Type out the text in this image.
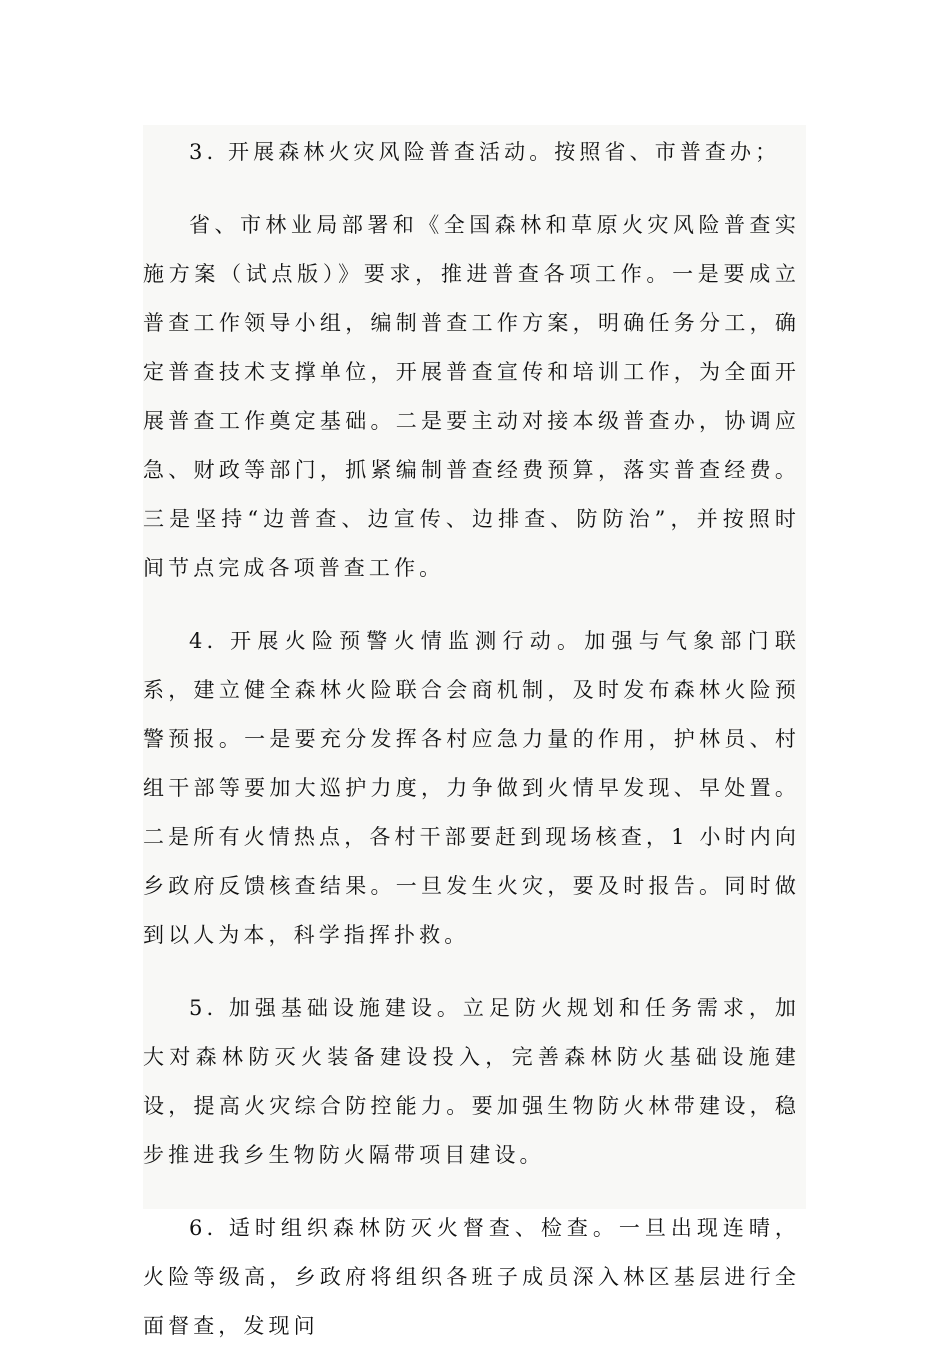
3. 开展森林火灾风险普查活动。按照省、市普查办；

省、市林业局部署和《全国森林和草原火灾风险普查实施方案（试点版）》要求，推进普查各项工作。一是要成立普查工作领导小组，编制普查工作方案，明确任务分工，确定普查技术支撑单位，开展普查宣传和培训工作，为全面开展普查工作奠定基础。二是要主动对接本级普查办，协调应急、财政等部门，抓紧编制普查经费预算，落实普查经费。三是坚持“边普查、边宣传、边排查、防防治”，并按照时间节点完成各项普查工作。

4. 开展火险预警火情监测行动。加强与气象部门联系，建立健全森林火险联合会商机制，及时发布森林火险预警预报。一是要充分发挥各村应急力量的作用，护林员、村组干部等要加大巡护力度，力争做到火情早发现、早处置。二是所有火情热点，各村干部要赶到现场核查，1 小时内向乡政府反馈核查结果。一旦发生火灾，要及时报告。同时做到以人为本，科学指挥扑救。

5. 加强基础设施建设。立足防火规划和任务需求，加大对森林防灭火装备建设投入，完善森林防火基础设施建设，提高火灾综合防控能力。要加强生物防火林带建设，稳步推进我乡生物防火隔带项目建设。

6. 适时组织森林防灭火督查、检查。一旦出现连晴，火险等级高，乡政府将组织各班子成员深入林区基层进行全面督查，发现问
